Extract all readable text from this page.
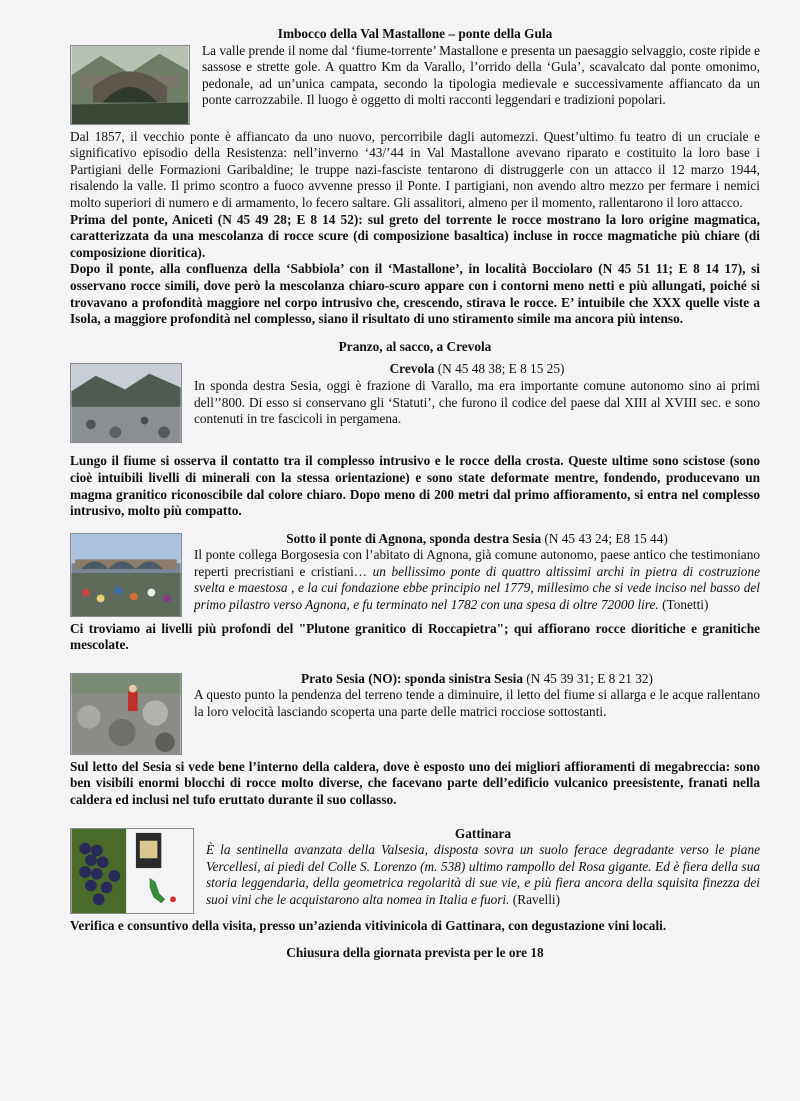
Imbocco della Val Mastallone – ponte della Gula
La valle prende il nome dal ‘fiume-torrente’ Mastallone e presenta un paesaggio selvaggio, coste ripide e sassose e strette gole. A quattro Km da Varallo, l’orrido della ‘Gula’, scavalcato dal ponte omonimo, pedonale, ad un’unica campata, secondo la tipologia medievale e successivamente affiancato da un ponte carrozzabile. Il luogo è oggetto di molti racconti leggendari e tradizioni popolari.
Dal 1857, il vecchio ponte è affiancato da uno nuovo, percorribile dagli automezzi. Quest’ultimo fu teatro di un cruciale e significativo episodio della Resistenza: nell’inverno ‘43/’44 in Val Mastallone avevano riparato e costituito la loro base i Partigiani delle Formazioni Garibaldine; le truppe nazi-fasciste tentarono di distruggerle con un attacco il 12 marzo 1944, risalendo la valle. Il primo scontro a fuoco avvenne presso il Ponte. I partigiani, non avendo altro mezzo per fermare i nemici molto superiori di numero e di armamento, lo fecero saltare. Gli assalitori, almeno per il momento, rallentarono il loro attacco.
Prima del ponte, Aniceti (N 45 49 28; E 8 14 52): sul greto del torrente le rocce mostrano la loro origine magmatica, caratterizzata da una mescolanza di rocce scure (di composizione basaltica) incluse in rocce magmatiche più chiare (di composizione dioritica).
Dopo il ponte, alla confluenza della ‘Sabbiola’ con il ‘Mastallone’, in località Bocciolaro (N 45 51 11; E 8 14 17), si osservano rocce simili, dove però la mescolanza chiaro-scuro appare con i contorni meno netti e più allungati, poiché si trovavano a profondità maggiore nel corpo intrusivo che, crescendo, stirava le rocce. E’ intuibile che XXX quelle viste a Isola, a maggiore profondità nel complesso, siano il risultato di uno stiramento simile ma ancora più intenso.
Pranzo, al sacco, a Crevola
Crevola (N 45 48 38; E 8 15 25)
In sponda destra Sesia, oggi è frazione di Varallo, ma era importante comune autonomo sino ai primi dell’’800. Di esso si conservano gli ‘Statuti’, che furono il codice del paese dal XIII al XVIII sec. e sono contenuti in tre fascicoli in pergamena.
Lungo il fiume si osserva il contatto tra il complesso intrusivo e le rocce della crosta. Queste ultime sono scistose (sono cioè intuibili livelli di minerali con la stessa orientazione) e sono state deformate mentre, fondendo, producevano un magma granitico riconoscibile dal colore chiaro. Dopo meno di 200 metri dal primo affioramento, si entra nel complesso intrusivo, molto più compatto.
Sotto il ponte di Agnona, sponda destra Sesia (N 45 43 24; E8 15 44)
Il ponte collega Borgosesia con l’abitato di Agnona, già comune autonomo, paese antico che testimoniano reperti precristiani e cristiani… un bellissimo ponte di quattro altissimi archi in pietra di costruzione svelta e maestosa , e la cui fondazione ebbe principio nel 1779, millesimo che si vede inciso nel basso del primo pilastro verso Agnona, e fu terminato nel 1782 con una spesa di oltre 72000 lire. (Tonetti)
Ci troviamo ai livelli più profondi del "Plutone granitico di Roccapietra"; qui affiorano rocce dioritiche e granitiche mescolate.
Prato Sesia (NO): sponda sinistra Sesia (N 45 39 31; E 8 21 32)
A questo punto la pendenza del terreno tende a diminuire, il letto del fiume si allarga e le acque rallentano la loro velocità lasciando scoperta una parte delle matrici rocciose sottostanti.
Sul letto del Sesia si vede bene l’interno della caldera, dove è esposto uno dei migliori affioramenti di megabreccia: sono ben visibili enormi blocchi di rocce molto diverse, che facevano parte dell’edificio vulcanico preesistente, franati nella caldera ed inclusi nel tufo eruttato durante il suo collasso.
Gattinara
È la sentinella avanzata della Valsesia, disposta sovra un suolo ferace degradante verso le piane Vercellesi, ai piedi del Colle S. Lorenzo (m. 538) ultimo rampollo del Rosa gigante. Ed è fiera della sua storia leggendaria, della geometrica regolarità di sue vie, e più fiera ancora della squisita finezza dei suoi vini che le acquistarono alta nomea in Italia e fuori. (Ravelli)
Verifica e consuntivo della visita, presso un’azienda vitivinicola di Gattinara, con degustazione vini locali.
Chiusura della giornata prevista per le ore 18
